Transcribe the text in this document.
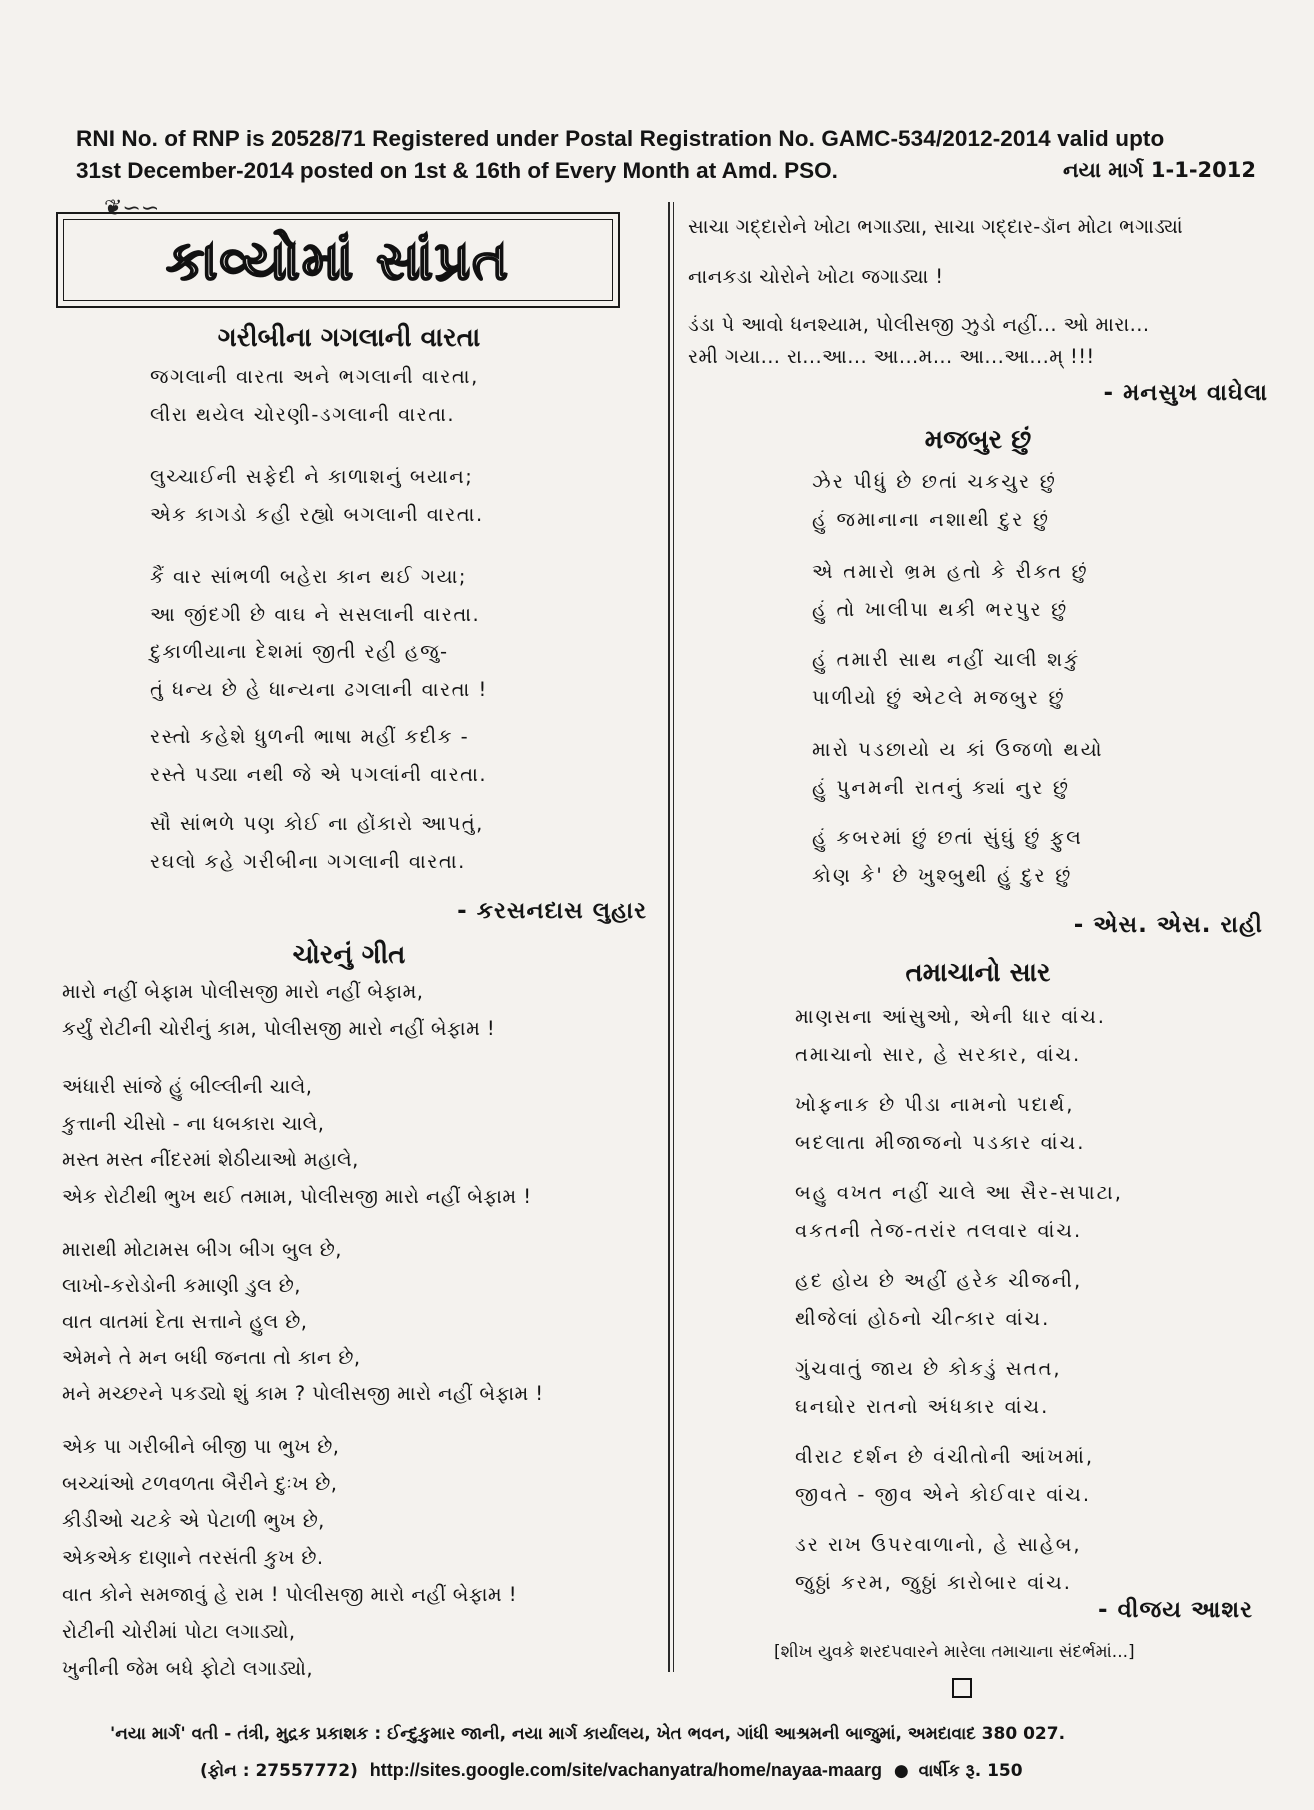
RNI No. of RNP is 20528/71 Registered under Postal Registration No. GAMC-534/2012-2014 valid upto
31st December-2014 posted on 1st & 16th of Every Month at Amd. PSO.	નયા માર્ગ 1-1-2012
❦∽∽
કાવ્યોમાં સાંપ્રત
ગરીબીના ગગલાની વારતા
જગલાની વારતા અને ભગલાની વારતા,
લીરા થયેલ ચોરણી-ડગલાની વારતા.
લુચ્ચાઈની સફેદી ને કાળાશનું બયાન;
એક કાગડો કહી રહ્યો બગલાની વારતા.
કૈં વાર સાંભળી બહેરા કાન થઈ ગયા;
આ જીંદગી છે વાઘ ને સસલાની વારતા.
દુકાળીયાના દેશમાં જીતી રહી હજુ-
તું ધન્ય છે હે ધાન્યના ઢગલાની વારતા !
રસ્તો કહેશે ધુળની ભાષા મહીં કદીક -
રસ્તે પડ્યા નથી જે એ પગલાંની વારતા.
સૌ સાંભળે પણ કોઈ ના હોંકારો આપતું,
રઘલો કહે ગરીબીના ગગલાની વારતા.
- કરસનદાસ લુહાર
ચોરનું ગીત
મારો નહીં બેફામ પોલીસજી મારો નહીં બેફામ,
કર્યું રોટીની ચોરીનું કામ, પોલીસજી મારો નહીં બેફામ !
અંધારી સાંજે હું બીલ્લીની ચાલે,
કુત્તાની ચીસો - ના ધબકારા ચાલે,
મસ્ત મસ્ત નીંદરમાં શેઠીયાઓ મહાલે,
એક રોટીથી ભુખ થઈ તમામ, પોલીસજી મારો નહીં બેફામ !
મારાથી મોટામસ બીગ બીગ બુલ છે,
લાખો-કરોડોની કમાણી ડુલ છે,
વાત વાતમાં દેતા સત્તાને હુલ છે,
એમને તે મન બધી જનતા તો કાન છે,
મને મચ્છરને પકડ્યો શું કામ ? પોલીસજી મારો નહીં બેફામ !
એક પા ગરીબીને બીજી પા ભુખ છે,
બચ્ચાંઓ ટળવળતા બૈરીને દુઃખ છે,
કીડીઓ ચટકે એ પેટાળી ભુખ છે,
એકએક દાણાને તરસંતી કુખ છે.
વાત કોને સમજાવું હે રામ ! પોલીસજી મારો નહીં બેફામ !
રોટીની ચોરીમાં પોટા લગાડ્યો,
ખુનીની જેમ બધે ફોટો લગાડ્યો,
સાચા ગદ્દારોને ખોટા ભગાડ્યા, સાચા ગદ્દાર-ડૉન મોટા ભગાડ્યાં
નાનકડા ચોરોને ખોટા જગાડ્યા !
ડંડા પે આવો ધનશ્યામ, પોલીસજી ઝુડો નહીં... ઓ મારા...
રમી ગયા... રા...આ... આ...મ... આ...આ...મ્ !!!
- મનસુખ વાઘેલા
મજબુર છું
ઝેર પીધું છે છતાં ચકચુર છું
હું જમાનાના નશાથી દુર છું
એ તમારો ભ્રમ હતો કે રીક્ત છું
હું તો ખાલીપા થકી ભરપુર છું
હું તમારી સાથ નહીં ચાલી શકું
પાળીયો છું એટલે મજબુર છું
મારો પડછાયો ય કાં ઉજળો થયો
હું પુનમની રાતનું ક્યાં નુર છું
હું કબરમાં છું છતાં સુંઘું છું ફુલ
કોણ કે' છે ખુશ્બુથી હું દુર છું
- એસ. એસ. રાહી
તમાચાનો સાર
માણસના આંસુઓ, એની ધાર વાંચ.
તમાચાનો સાર, હે સરકાર, વાંચ.
ખોફનાક છે પીડા નામનો પદાર્થ,
બદલાતા મીજાજનો પડકાર વાંચ.
બહુ વખત નહીં ચાલે આ સૈર-સપાટા,
વકતની તેજ-તરાંર તલવાર વાંચ.
હદ હોય છે અહીં હરેક ચીજની,
થીજેલાં હોઠનો ચીત્કાર વાંચ.
ગુંચવાતું જાય છે કોકડું સતત,
ઘનઘોર રાતનો અંધકાર વાંચ.
વીરાટ દર્શન છે વંચીતોની આંખમાં,
જીવતે - જીવ એને કોઈવાર વાંચ.
ડર રાખ ઉપરવાળાનો, હે સાહેબ,
જુઠ્ઠાં કરમ, જુઠ્ઠાં કારોબાર વાંચ.
- વીજય આશર
[શીખ યુવકે શરદપવારને મારેલા તમાચાના સંદર્ભમાં...]
'નયા માર્ગ' વતી - તંત્રી, મુદ્રક પ્રકાશક : ઈન્દુકુમાર જાની, નયા માર્ગ કાર્યાલય, ખેત ભવન, ગાંધી આશ્રમની બાજુમાં, અમદાવાદ 380 027.
(ફોન : 27557772) http://sites.google.com/site/vachanyatra/home/nayaa-maarg ● વાર્ષીક રૂ. 150
